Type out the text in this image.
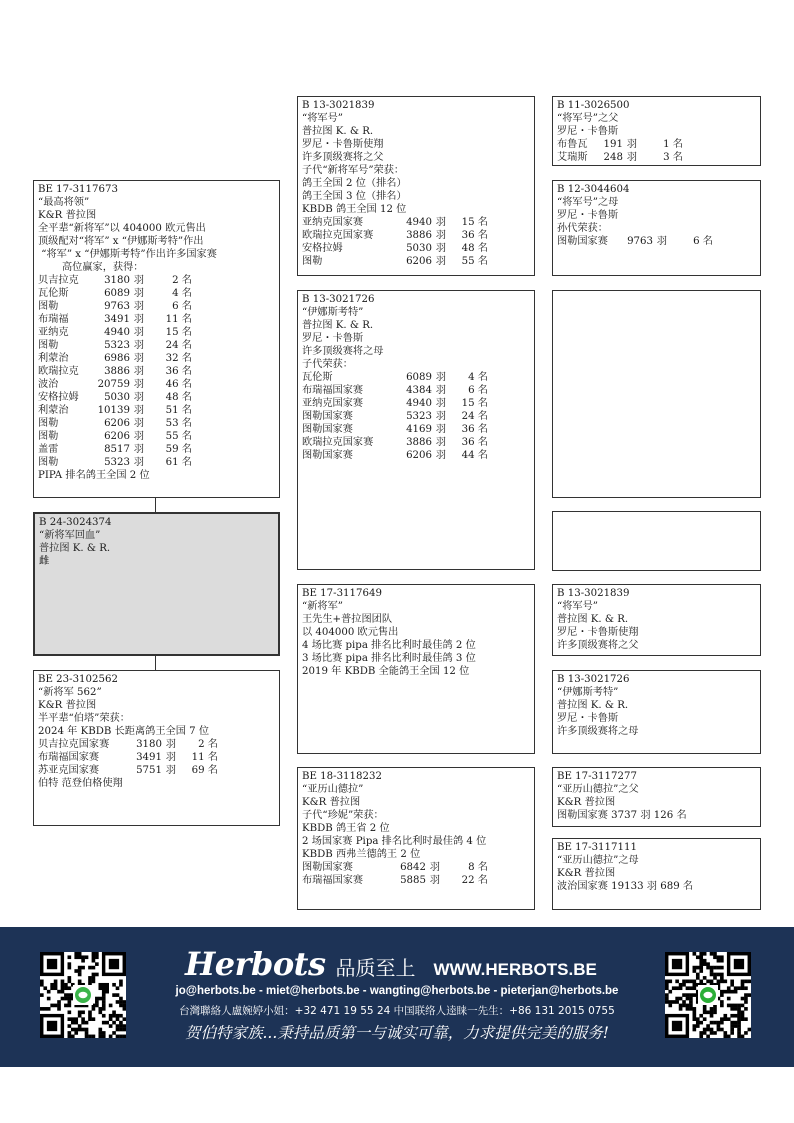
BE 17-3117673
“最高将领”
K&R 普拉图
全平辈“新将军”以 404000 欧元售出
顶级配对“将军” x “伊娜斯考特”作出
“将军” x “伊娜斯考特”作出许多国家赛
高位赢家，获得：
贝吉拉克	3180 羽	2 名
瓦伦斯	6089 羽	4 名
图勒	9763 羽	6 名
布瑞福	3491 羽	11 名
亚纳克	4940 羽	15 名
图勒	5323 羽	24 名
利蒙治	6986 羽	32 名
欧瑞拉克	3886 羽	36 名
波治	20759 羽	46 名
安格拉姆	5030 羽	48 名
利蒙治	10139 羽	51 名
图勒	6206 羽	53 名
图勒	6206 羽	55 名
盖雷	8517 羽	59 名
图勒	5323 羽	61 名
PIPA 排名鸽王全国 2 位
B 24-3024374
“新将军回血”
普拉图 K. & R.
雌
BE 23-3102562
“新将军 562”
K&R 普拉图
半平辈“伯塔”荣获：
2024 年 KBDB 长距离鸽王全国 7 位
贝吉拉克国家赛	3180 羽	2 名
布瑞福国家赛	3491 羽	11 名
苏亚克国家赛	5751 羽	69 名
伯特 范登伯格使翔
B 13-3021839
“将军号”
普拉图 K. & R.
罗尼・卡鲁斯使翔
许多顶级赛将之父
子代“新将军号”荣获：
鸽王全国 2 位（排名）
鸽王全国 3 位（排名）
KBDB 鸽王全国 12 位
亚纳克国家赛	4940 羽	15 名
欧瑞拉克国家赛	3886 羽	36 名
安格拉姆	5030 羽	48 名
图勒	6206 羽	55 名
B 13-3021726
“伊娜斯考特”
普拉图 K. & R.
罗尼・卡鲁斯
许多顶级赛将之母
子代荣获：
瓦伦斯	6089 羽	4 名
布瑞福国家赛	4384 羽	6 名
亚纳克国家赛	4940 羽	15 名
图勒国家赛	5323 羽	24 名
图勒国家赛	4169 羽	36 名
欧瑞拉克国家赛	3886 羽	36 名
图勒国家赛	6206 羽	44 名
BE 17-3117649
“新将军”
王先生+普拉图团队
以 404000 欧元售出
4 场比赛 pipa 排名比利时最佳鸽 2 位
3 场比赛 pipa 排名比利时最佳鸽 3 位
2019 年 KBDB 全能鸽王全国 12 位
BE 18-3118232
“亚历山德拉”
K&R 普拉图
子代“珍妮”荣获：
KBDB 鸽王省 2 位
2 场国家赛 Pipa 排名比利时最佳鸽 4 位
KBDB 西弗兰德鸽王 2 位
图勒国家赛	6842 羽	8 名
布瑞福国家赛	5885 羽	22 名
B 11-3026500
“将军号”之父
罗尼・卡鲁斯
布鲁瓦	191 羽	1 名
艾瑞斯	248 羽	3 名
B 12-3044604
“将军号”之母
罗尼・卡鲁斯
孙代荣获：
图勒国家赛	9763 羽	6 名
B 13-3021839
“将军号”
普拉图 K. & R.
罗尼・卡鲁斯使翔
许多顶级赛将之父
B 13-3021726
“伊娜斯考特”
普拉图 K. & R.
罗尼・卡鲁斯
许多顶级赛将之母
BE 17-3117277
“亚历山德拉”之父
K&R 普拉图
图勒国家赛 3737 羽 126 名
BE 17-3117111
“亚历山德拉”之母
K&R 普拉图
波治国家赛 19133 羽 689 名
Herbots 品质至上 WWW.HERBOTS.BE
jo@herbots.be - miet@herbots.be - wangting@herbots.be - pieterjan@herbots.be
台灣聯絡人盧婉婷小姐：+32 471 19 55 24 中国联络人逵睐一先生：+86 131 2015 0755
贺伯特家族...秉持品质第一与诚实可靠，力求提供完美的服务!
